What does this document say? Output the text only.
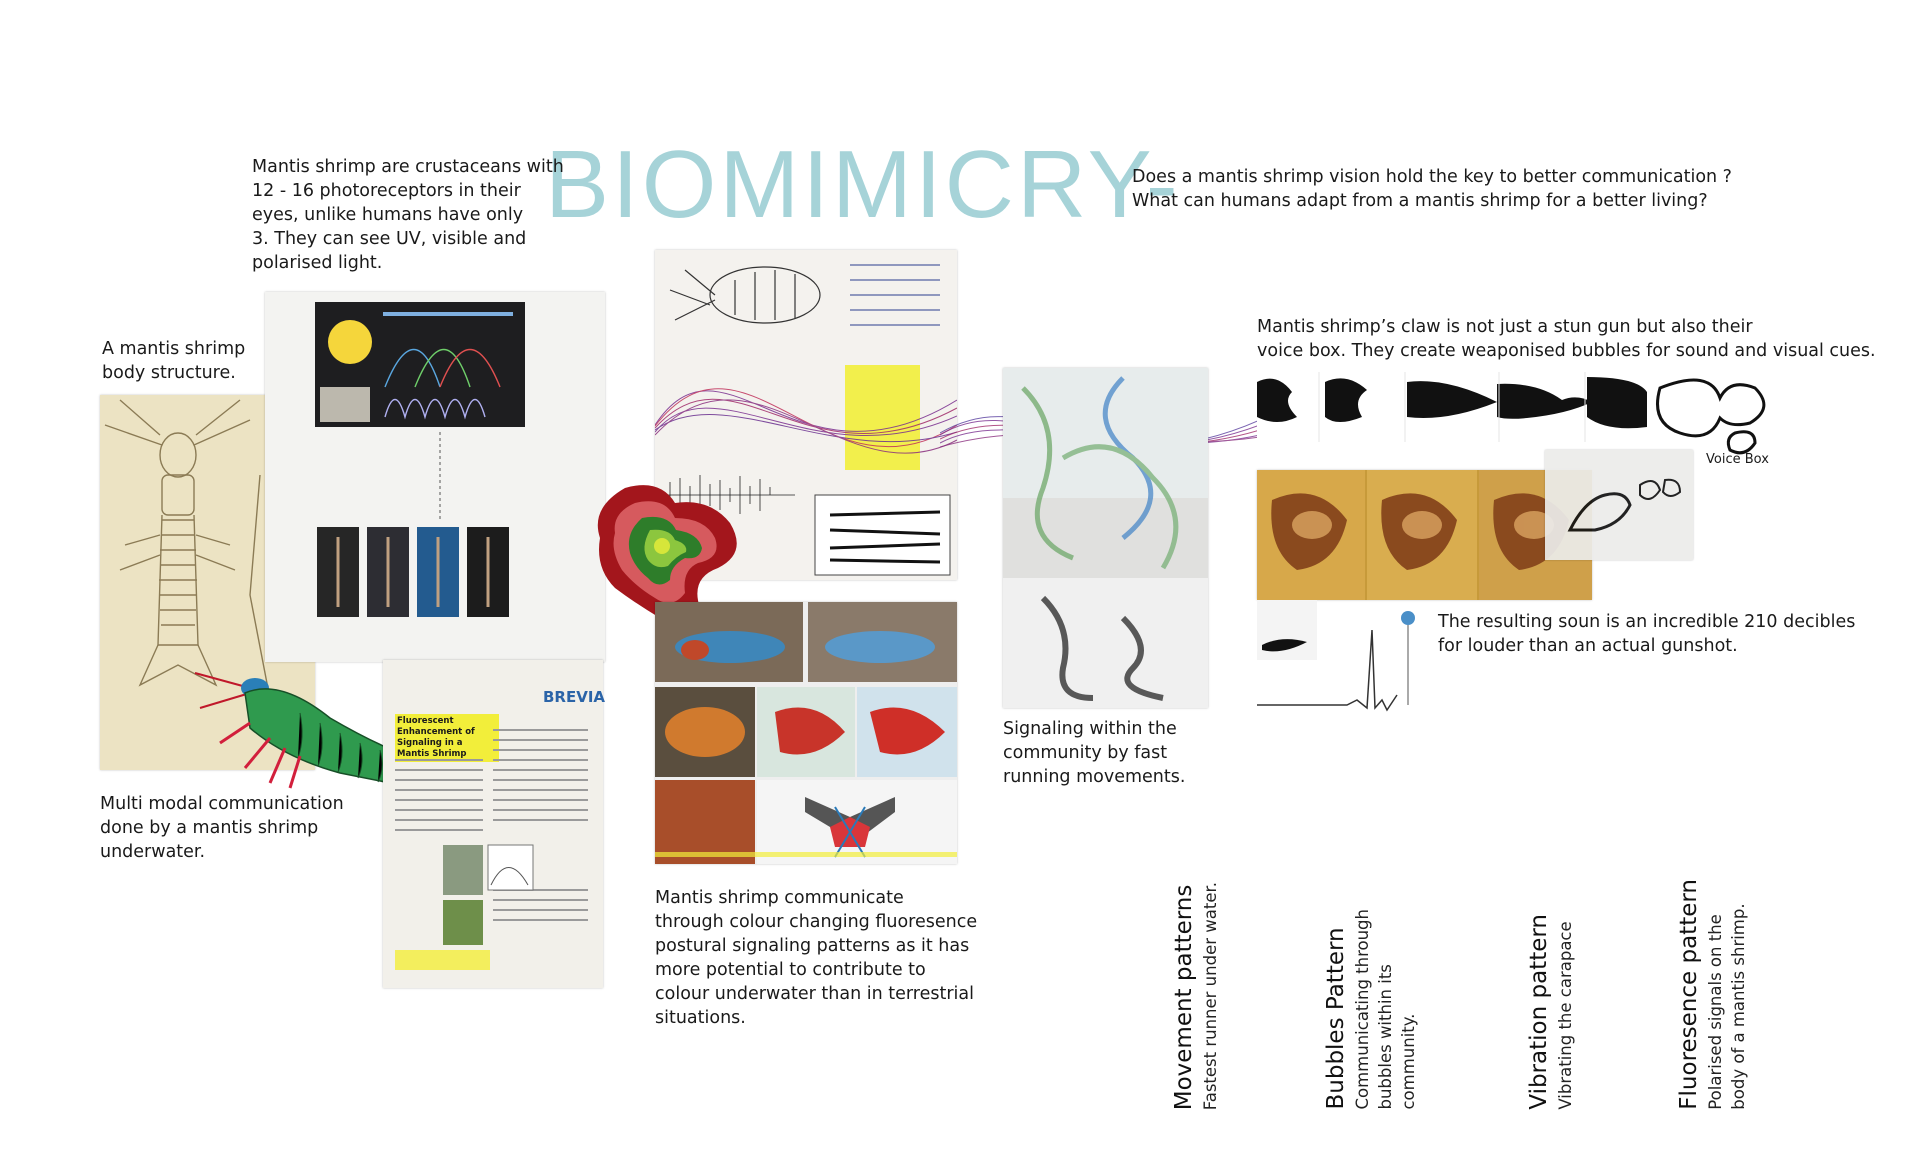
BIOMIMICRY-
Mantis shrimp are crustaceans with
12 - 16 photoreceptors in their
eyes, unlike humans have only
3. They can see UV, visible and
polarised light.
Does a mantis shrimp vision hold the key to better communication ?
What can humans adapt from a mantis shrimp for a better living?
A mantis shrimp
body structure.
Multi modal communication
done by a mantis shrimp
underwater.
BREVIA
Fluorescent Enhancement of
Signaling in a Mantis Shrimp
Mantis shrimp communicate
through colour changing fluoresence
postural signaling patterns as it has
more potential to contribute to
colour underwater than in terrestrial
situations.
Signaling within the
community by fast
running movements.
Mantis shrimp’s claw is not just a stun gun but also their
voice box. They create weaponised bubbles for sound and visual cues.
Voice Box
The resulting soun is an incredible 210 decibles
for louder than an actual gunshot.

Movement patterns Fastest runner under water.	Bubbles Pattern Communicating through
bubbles within its
community.	Vibration pattern Vibrating the carapace	Fluoresence pattern Polarised signals on the
body of a mantis shrimp.
